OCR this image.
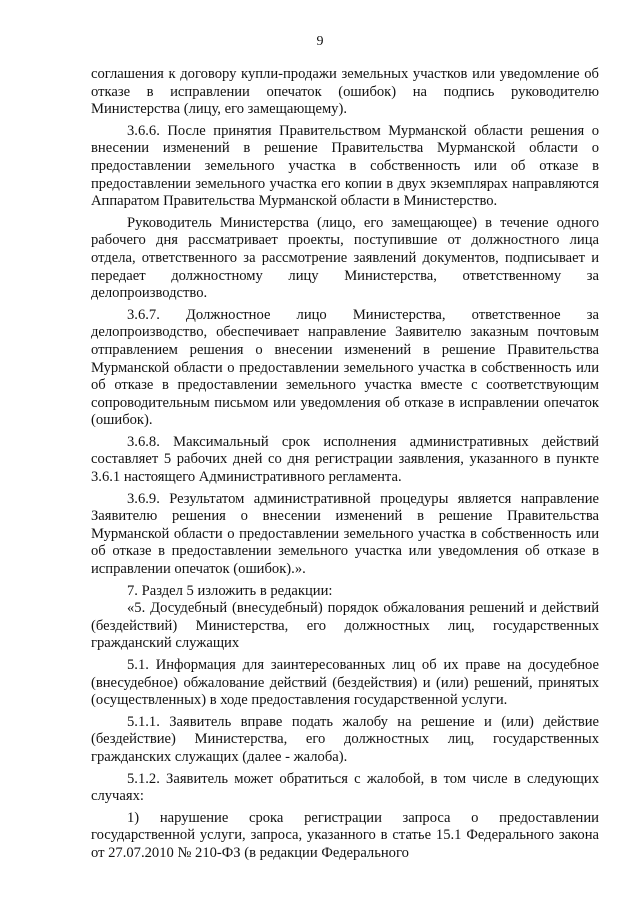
9

соглашения к договору купли-продажи земельных участков или уведомление об отказе в исправлении опечаток (ошибок) на подпись руководителю Министерства (лицу, его замещающему).

3.6.6. После принятия Правительством Мурманской области решения о внесении изменений в решение Правительства Мурманской области о предоставлении земельного участка в собственность или об отказе в предоставлении земельного участка его копии в двух экземплярах направляются Аппаратом Правительства Мурманской области в Министерство.

Руководитель Министерства (лицо, его замещающее) в течение одного рабочего дня рассматривает проекты, поступившие от должностного лица отдела, ответственного за рассмотрение заявлений документов, подписывает и передает должностному лицу Министерства, ответственному за делопроизводство.

3.6.7. Должностное лицо Министерства, ответственное за делопроизводство, обеспечивает направление Заявителю заказным почтовым отправлением решения о внесении изменений в решение Правительства Мурманской области о предоставлении земельного участка в собственность или об отказе в предоставлении земельного участка вместе с соответствующим сопроводительным письмом или уведомления об отказе в исправлении опечаток (ошибок).

3.6.8. Максимальный срок исполнения административных действий составляет 5 рабочих дней со дня регистрации заявления, указанного в пункте 3.6.1 настоящего Административного регламента.

3.6.9. Результатом административной процедуры является направление Заявителю решения о внесении изменений в решение Правительства Мурманской области о предоставлении земельного участка в собственность или об отказе в предоставлении земельного участка или уведомления об отказе в исправлении опечаток (ошибок).».

7. Раздел 5 изложить в редакции:

«5. Досудебный (внесудебный) порядок обжалования решений и действий (бездействий) Министерства, его должностных лиц, государственных гражданский служащих

5.1. Информация для заинтересованных лиц об их праве на досудебное (внесудебное) обжалование действий (бездействия) и (или) решений, принятых (осуществленных) в ходе предоставления государственной услуги.

5.1.1. Заявитель вправе подать жалобу на решение и (или) действие (бездействие) Министерства, его должностных лиц, государственных гражданских служащих (далее - жалоба).

5.1.2. Заявитель может обратиться с жалобой, в том числе в следующих случаях:

1) нарушение срока регистрации запроса о предоставлении государственной услуги, запроса, указанного в статье 15.1 Федерального закона от 27.07.2010 № 210-ФЗ (в редакции Федерального
